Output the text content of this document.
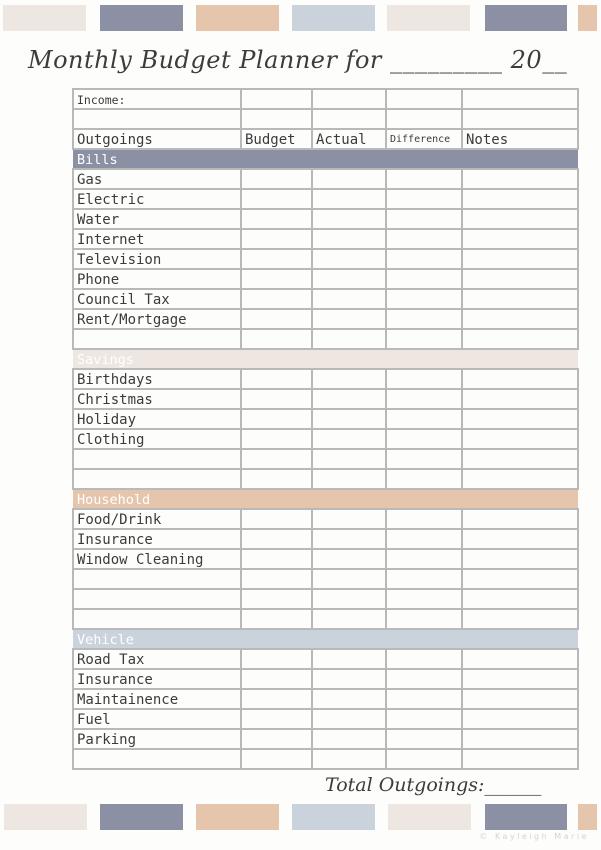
Monthly Budget Planner for _________ 20__
Income:				

Outgoings	Budget	Actual	Difference	Notes
Bills				
Gas				
Electric				
Water				
Internet				
Television				
Phone				
Council Tax				
Rent/Mortgage				

Savings				
Birthdays				
Christmas				
Holiday				
Clothing				

Household				
Food/Drink				
Insurance				
Window Cleaning				

Vehicle				
Road Tax				
Insurance				
Maintainence				
Fuel				
Parking				

Total Outgoings:______
© Kayleigh Marie
